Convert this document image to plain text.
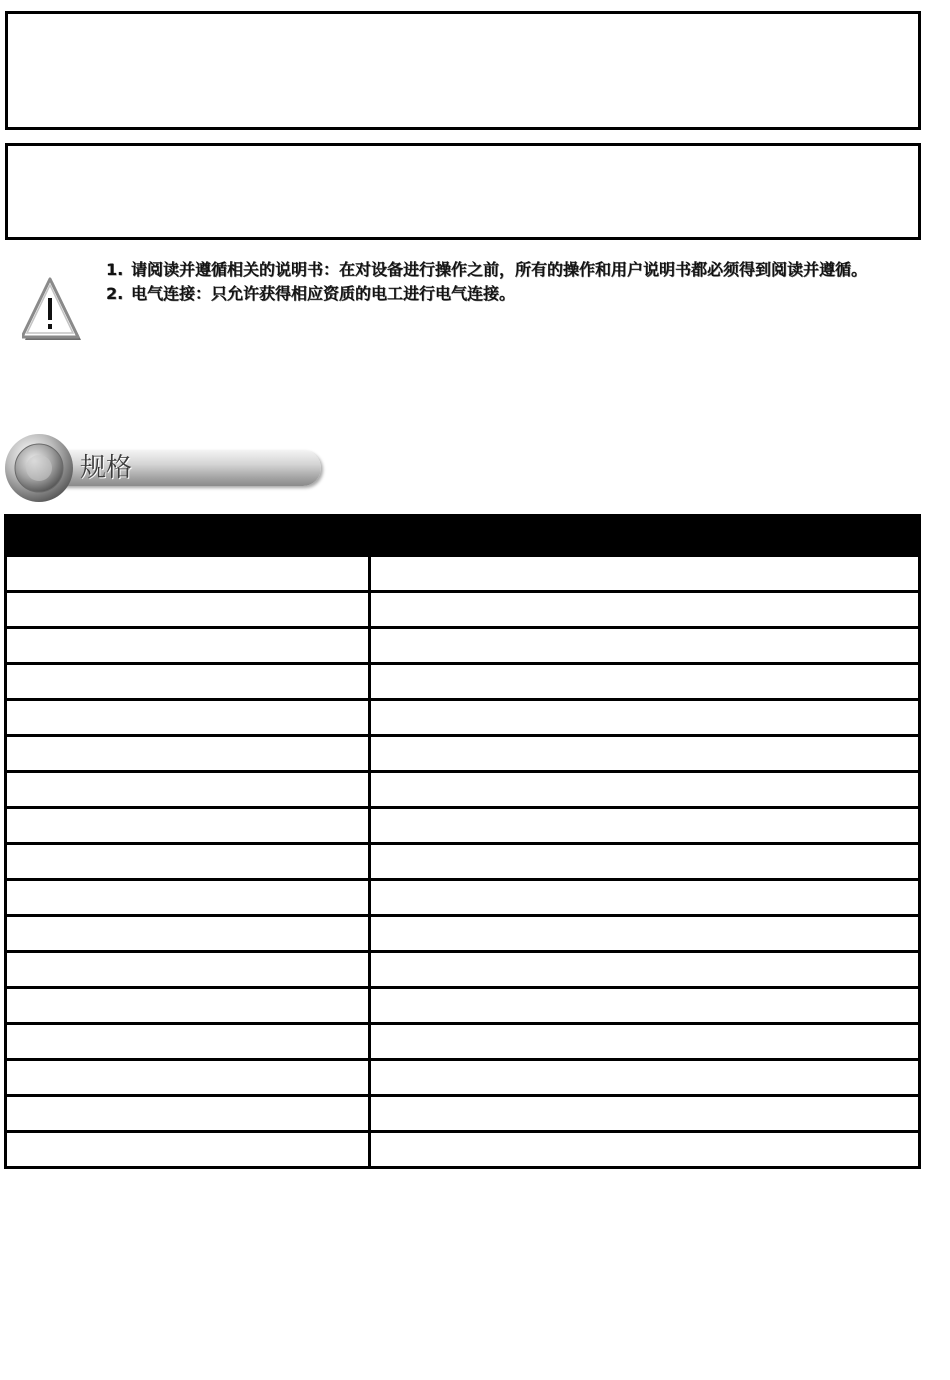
1. 请阅读并遵循相关的说明书：在对设备进行操作之前，所有的操作和用户说明书都必须得到阅读并遵循。
2. 电气连接：只允许获得相应资质的电工进行电气连接。
规格
